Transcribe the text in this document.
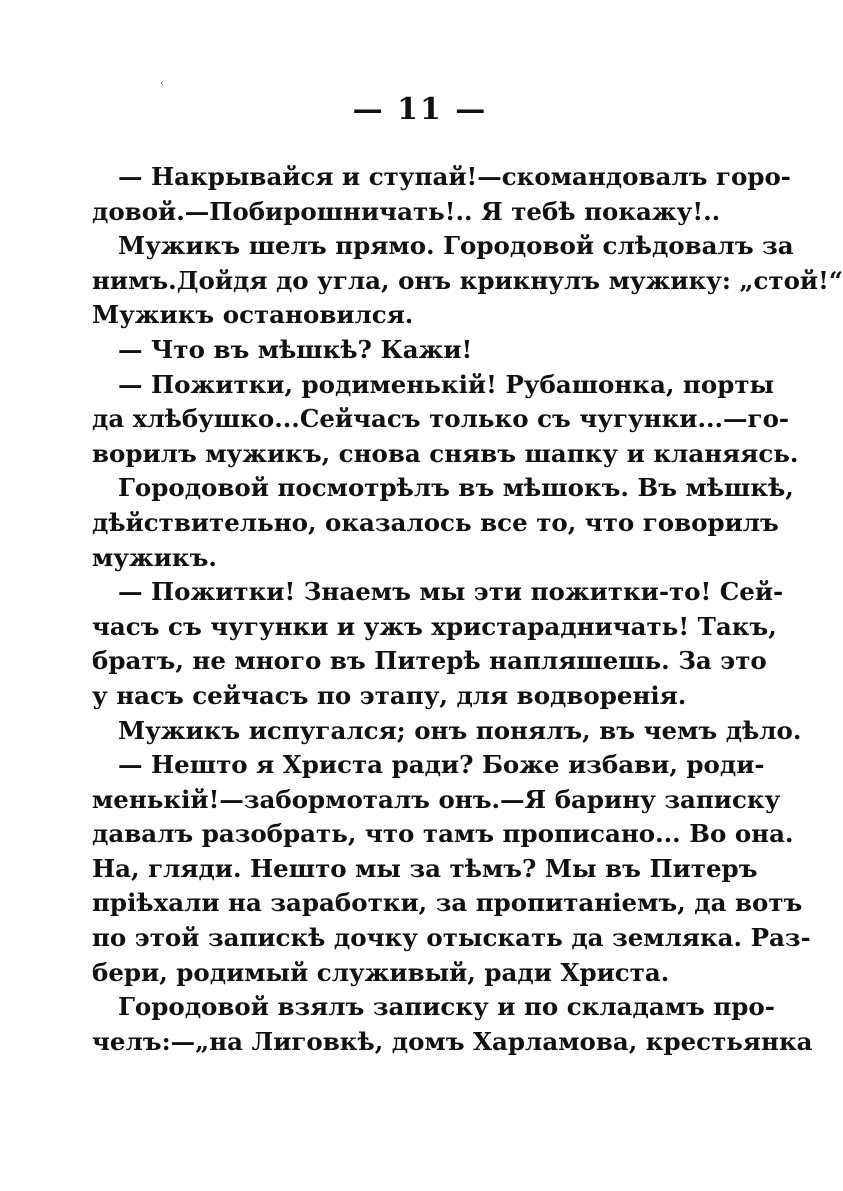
‹
— 11 —
— Накрывайся и ступай!—скомандовалъ горо-
довой.—Побирошничать!.. Я тебѣ покажу!..
Мужикъ шелъ прямо. Городовой слѣдовалъ за
нимъ.Дойдя до угла, онъ крикнулъ мужику: „стой!“
Мужикъ остановился.
— Что въ мѣшкѣ? Кажи!
— Пожитки, родименькій! Рубашонка, порты
да хлѣбушко...Сейчасъ только съ чугунки...—го-
ворилъ мужикъ, снова снявъ шапку и кланяясь.
Городовой посмотрѣлъ въ мѣшокъ. Въ мѣшкѣ,
дѣйствительно, оказалось все то, что говорилъ
мужикъ.
— Пожитки! Знаемъ мы эти пожитки-то! Сей-
часъ съ чугунки и ужъ христарадничать! Такъ,
братъ, не много въ Питерѣ напляшешь. За это
у насъ сейчасъ по этапу, для водворенія.
Мужикъ испугался; онъ понялъ, въ чемъ дѣло.
— Нешто я Христа ради? Боже избави, роди-
менькій!—забормоталъ онъ.—Я барину записку
давалъ разобрать, что тамъ прописано... Во она.
На, гляди. Нешто мы за тѣмъ? Мы въ Питеръ
пріѣхали на заработки, за пропитаніемъ, да вотъ
по этой запискѣ дочку отыскать да земляка. Раз-
бери, родимый служивый, ради Христа.
Городовой взялъ записку и по складамъ про-
челъ:—„на Лиговкѣ, домъ Харламова, крестьянка
